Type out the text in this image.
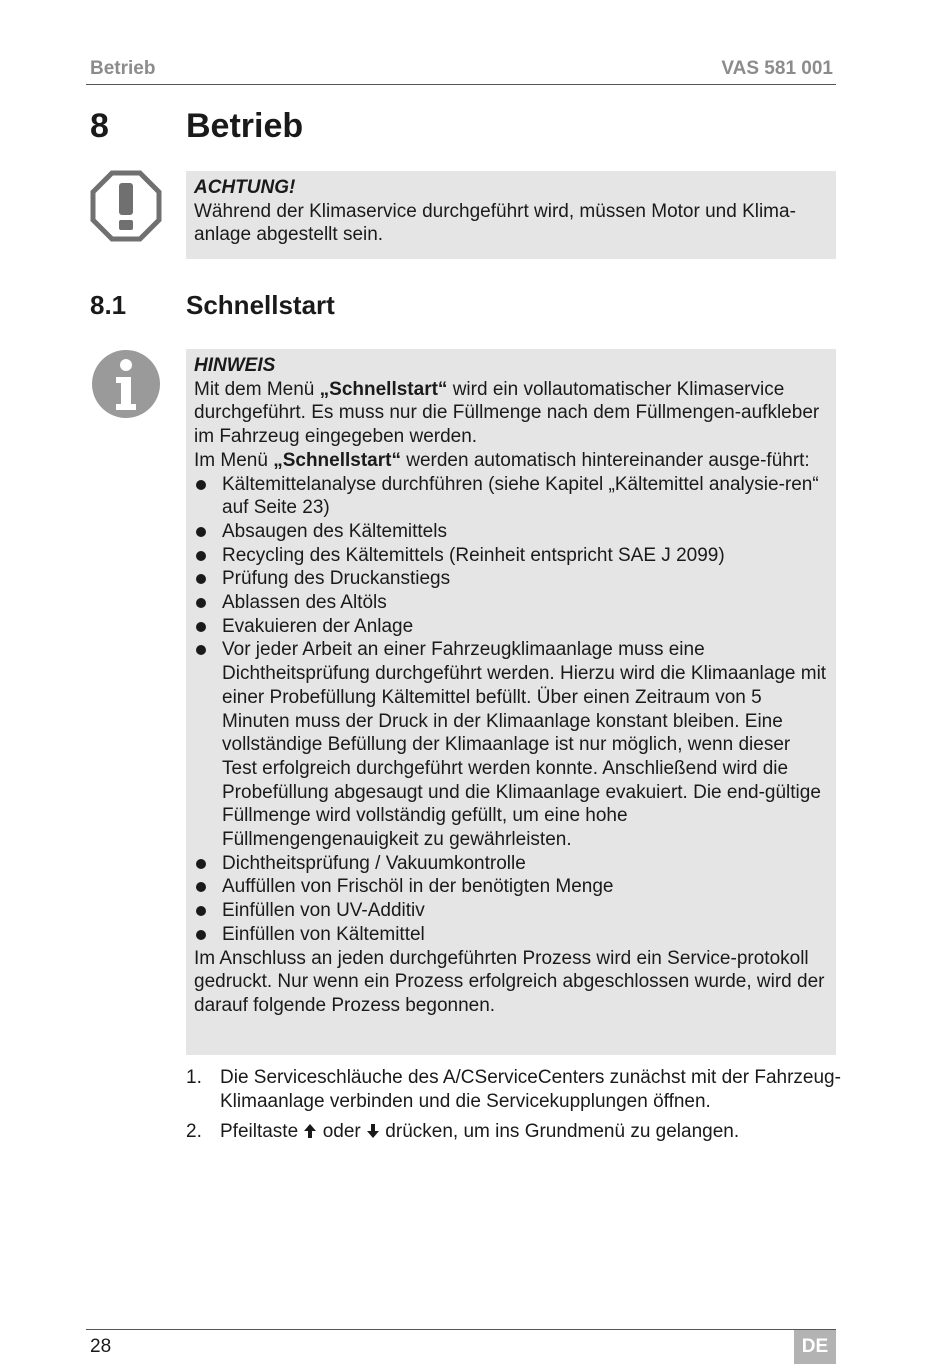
Betrieb	VAS 581 001
8 Betrieb
ACHTUNG!

Während der Klimaservice durchgeführt wird, müssen Motor und Klima-anlage abgestellt sein.

8.1 Schnellstart
HINWEIS

Mit dem Menü „Schnellstart“ wird ein vollautomatischer Klimaservice durchgeführt. Es muss nur die Füllmenge nach dem Füllmengen-aufkleber im Fahrzeug eingegeben werden.

Im Menü „Schnellstart“ werden automatisch hintereinander ausge-führt:

Kältemittelanalyse durchführen (siehe Kapitel „Kältemittel analysie-ren“ auf Seite 23)
Absaugen des Kältemittels
Recycling des Kältemittels (Reinheit entspricht SAE J 2099)
Prüfung des Druckanstiegs
Ablassen des Altöls
Evakuieren der Anlage
Vor jeder Arbeit an einer Fahrzeugklimaanlage muss eine Dichtheitsprüfung durchgeführt werden. Hierzu wird die Klimaanlage mit einer Probefüllung Kältemittel befüllt. Über einen Zeitraum von 5 Minuten muss der Druck in der Klimaanlage konstant bleiben. Eine vollständige Befüllung der Klimaanlage ist nur möglich, wenn dieser Test erfolgreich durchgeführt werden konnte. Anschließend wird die Probefüllung abgesaugt und die Klimaanlage evakuiert. Die end-gültige Füllmenge wird vollständig gefüllt, um eine hohe Füllmengengenauigkeit zu gewährleisten.
Dichtheitsprüfung / Vakuumkontrolle
Auffüllen von Frischöl in der benötigten Menge
Einfüllen von UV-Additiv
Einfüllen von Kältemittel

Im Anschluss an jeden durchgeführten Prozess wird ein Service-protokoll gedruckt. Nur wenn ein Prozess erfolgreich abgeschlossen wurde, wird der darauf folgende Prozess begonnen.

1. Die Serviceschläuche des A/CServiceCenters zunächst mit der Fahrzeug-Klimaanlage verbinden und die Servicekupplungen öffnen.
2. Pfeiltaste  oder  drücken, um ins Grundmenü zu gelangen.
28	DE
